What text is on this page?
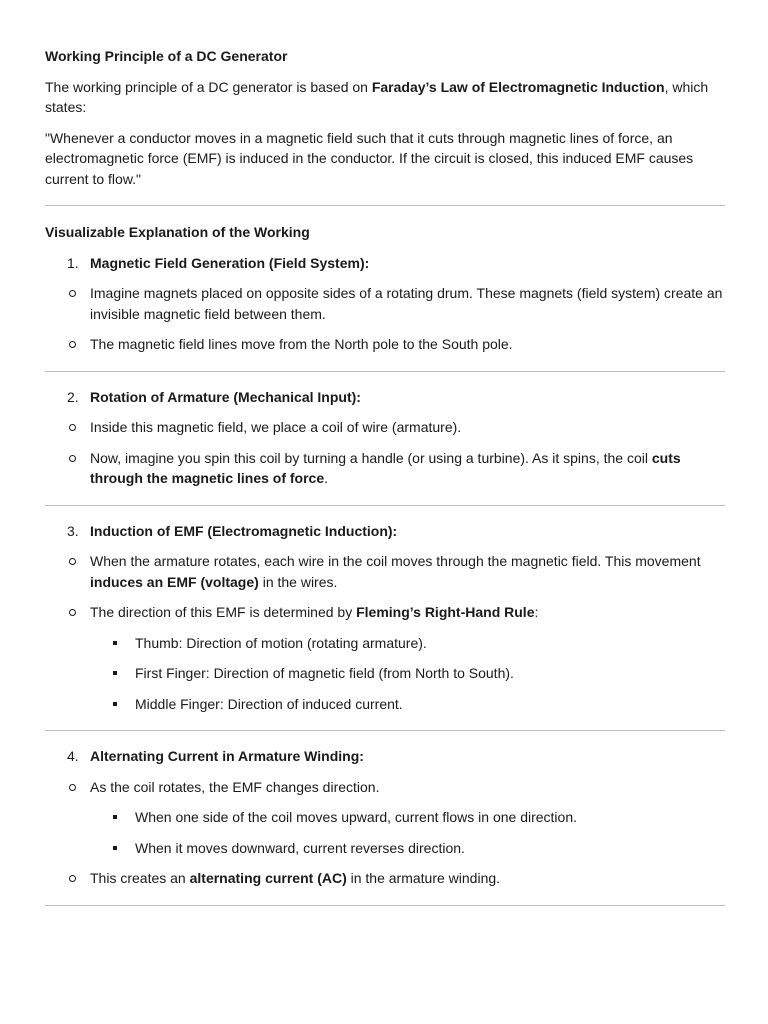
Working Principle of a DC Generator

The working principle of a DC generator is based on Faraday’s Law of Electromagnetic Induction, which states:

"Whenever a conductor moves in a magnetic field such that it cuts through magnetic lines of force, an electromagnetic force (EMF) is induced in the conductor. If the circuit is closed, this induced EMF causes current to flow."

Visualizable Explanation of the Working

1. Magnetic Field Generation (Field System):
Imagine magnets placed on opposite sides of a rotating drum. These magnets (field system) create an invisible magnetic field between them.
The magnetic field lines move from the North pole to the South pole.
2. Rotation of Armature (Mechanical Input):
Inside this magnetic field, we place a coil of wire (armature).
Now, imagine you spin this coil by turning a handle (or using a turbine). As it spins, the coil cuts through the magnetic lines of force.
3. Induction of EMF (Electromagnetic Induction):
When the armature rotates, each wire in the coil moves through the magnetic field. This movement induces an EMF (voltage) in the wires.
The direction of this EMF is determined by Fleming’s Right-Hand Rule:
Thumb: Direction of motion (rotating armature).
First Finger: Direction of magnetic field (from North to South).
Middle Finger: Direction of induced current.
4. Alternating Current in Armature Winding:
As the coil rotates, the EMF changes direction.
When one side of the coil moves upward, current flows in one direction.
When it moves downward, current reverses direction.
This creates an alternating current (AC) in the armature winding.
